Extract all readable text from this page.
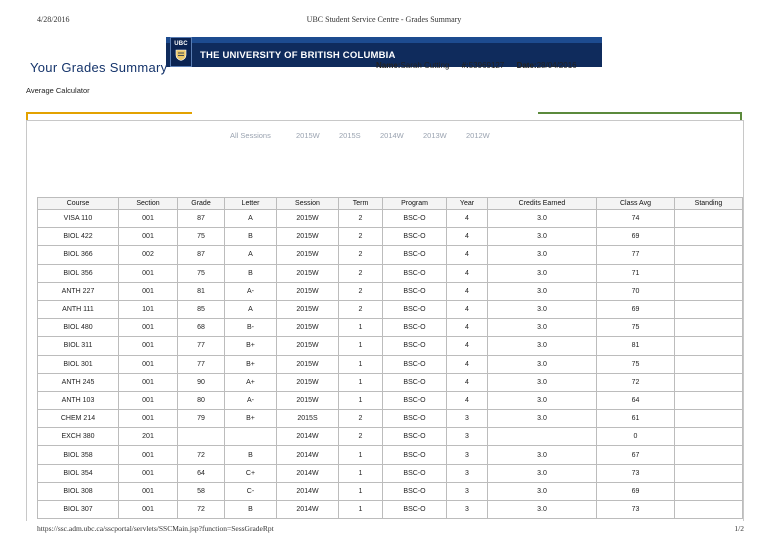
4/28/2016	UBC Student Service Centre - Grades Summary
UBC
THE UNIVERSITY OF BRITISH COLUMBIA
Your Grades Summary	Name:Sarah Cutting #:53969127 Date:28/04/2016
Average Calculator
All Sessions	2015W	2015S	2014W	2013W	2012W
Course	Section	Grade	Letter	Session	Term	Program	Year	Credits Earned	Class Avg	Standing
VISA 110	001	87	A	2015W	2	BSC-O	4	3.0	74	
BIOL 422	001	75	B	2015W	2	BSC-O	4	3.0	69	
BIOL 366	002	87	A	2015W	2	BSC-O	4	3.0	77	
BIOL 356	001	75	B	2015W	2	BSC-O	4	3.0	71	
ANTH 227	001	81	A-	2015W	2	BSC-O	4	3.0	70	
ANTH 111	101	85	A	2015W	2	BSC-O	4	3.0	69	
BIOL 480	001	68	B-	2015W	1	BSC-O	4	3.0	75	
BIOL 311	001	77	B+	2015W	1	BSC-O	4	3.0	81	
BIOL 301	001	77	B+	2015W	1	BSC-O	4	3.0	75	
ANTH 245	001	90	A+	2015W	1	BSC-O	4	3.0	72	
ANTH 103	001	80	A-	2015W	1	BSC-O	4	3.0	64	
CHEM 214	001	79	B+	2015S	2	BSC-O	3	3.0	61	
EXCH 380	201			2014W	2	BSC-O	3		0	
BIOL 358	001	72	B	2014W	1	BSC-O	3	3.0	67	
BIOL 354	001	64	C+	2014W	1	BSC-O	3	3.0	73	
BIOL 308	001	58	C-	2014W	1	BSC-O	3	3.0	69	
BIOL 307	001	72	B	2014W	1	BSC-O	3	3.0	73	
https://ssc.adm.ubc.ca/sscportal/servlets/SSCMain.jsp?function=SessGradeRpt	1/2
